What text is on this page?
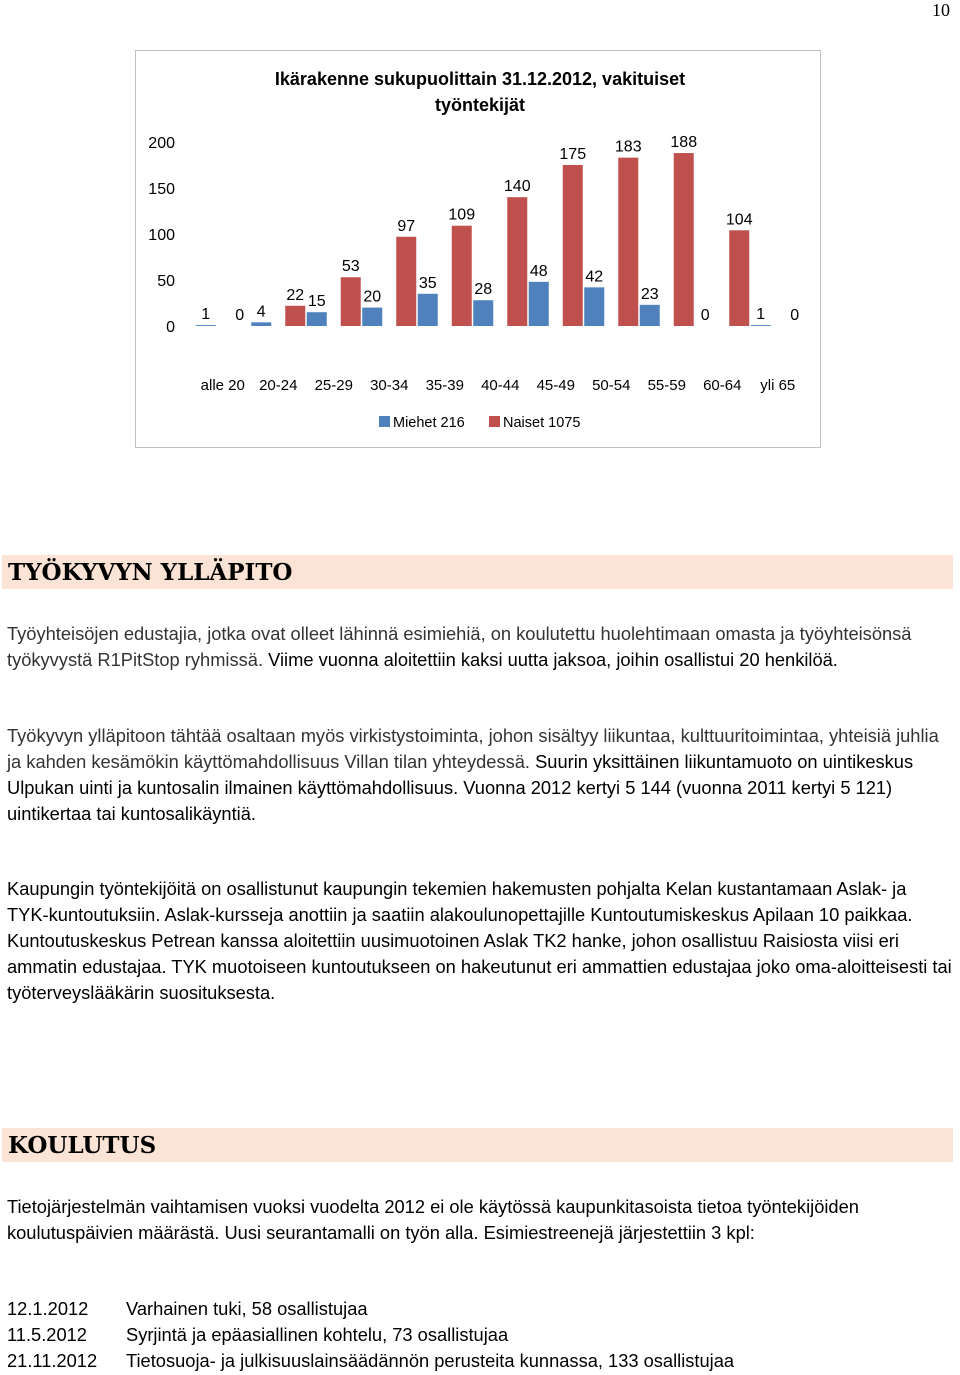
10
0
50
100
150
200
alle 20 20-24 25-29 30-34 35-39 40-44 45-49 50-54 55-59 60-64 yli 65
1	4
15 20
35 28
48 42
23
0	1
0
22
53
97
109
140
175 183 188
104
0
Miehet 216	Naiset 1075
Ikärakenne sukupuolittain 31.12.2012, vakituiset työntekijät
TYÖKYVYN YLLÄPITO

Työyhteisöjen edustajia, jotka ovat olleet lähinnä esimiehiä, on koulutettu huolehtimaan omasta ja työyhteisönsä työkyvystä R1PitStop ryhmissä. Viime vuonna aloitettiin kaksi uutta jaksoa, joihin osallistui 20 henkilöä.

Työkyvyn ylläpitoon tähtää osaltaan myös virkistystoiminta, johon sisältyy liikuntaa, kulttuuritoimintaa, yhteisiä juhlia ja kahden kesämökin käyttömahdollisuus Villan tilan yhteydessä. Suurin yksittäinen liikuntamuoto on uintikeskus Ulpukan uinti ja kuntosalin ilmainen käyttömahdollisuus. Vuonna 2012 kertyi 5 144 (vuonna 2011 kertyi 5 121) uintikertaa tai kuntosalikäyntiä.

Kaupungin työntekijöitä on osallistunut kaupungin tekemien hakemusten pohjalta Kelan kustantamaan Aslak- ja TYK-kuntoutuksiin. Aslak-kursseja anottiin ja saatiin alakoulunopettajille Kuntoutumiskeskus Apilaan 10 paikkaa. Kuntoutuskeskus Petrean kanssa aloitettiin uusimuotoinen Aslak TK2 hanke, johon osallistuu Raisiosta viisi eri ammatin edustajaa. TYK muotoiseen kuntoutukseen on hakeutunut eri ammattien edustajaa joko oma-aloitteisesti tai työterveyslääkärin suosituksesta.

KOULUTUS

Tietojärjestelmän vaihtamisen vuoksi vuodelta 2012 ei ole käytössä kaupunkitasoista tietoa työntekijöiden koulutuspäivien määrästä. Uusi seurantamalli on työn alla. Esimiestreenejä järjestettiin 3 kpl:

12.1.2012 Varhainen tuki, 58 osallistujaa
11.5.2012 Syrjintä ja epäasiallinen kohtelu, 73 osallistujaa
21.11.2012 Tietosuoja- ja julkisuuslainsäädännön perusteita kunnassa, 133 osallistujaa
